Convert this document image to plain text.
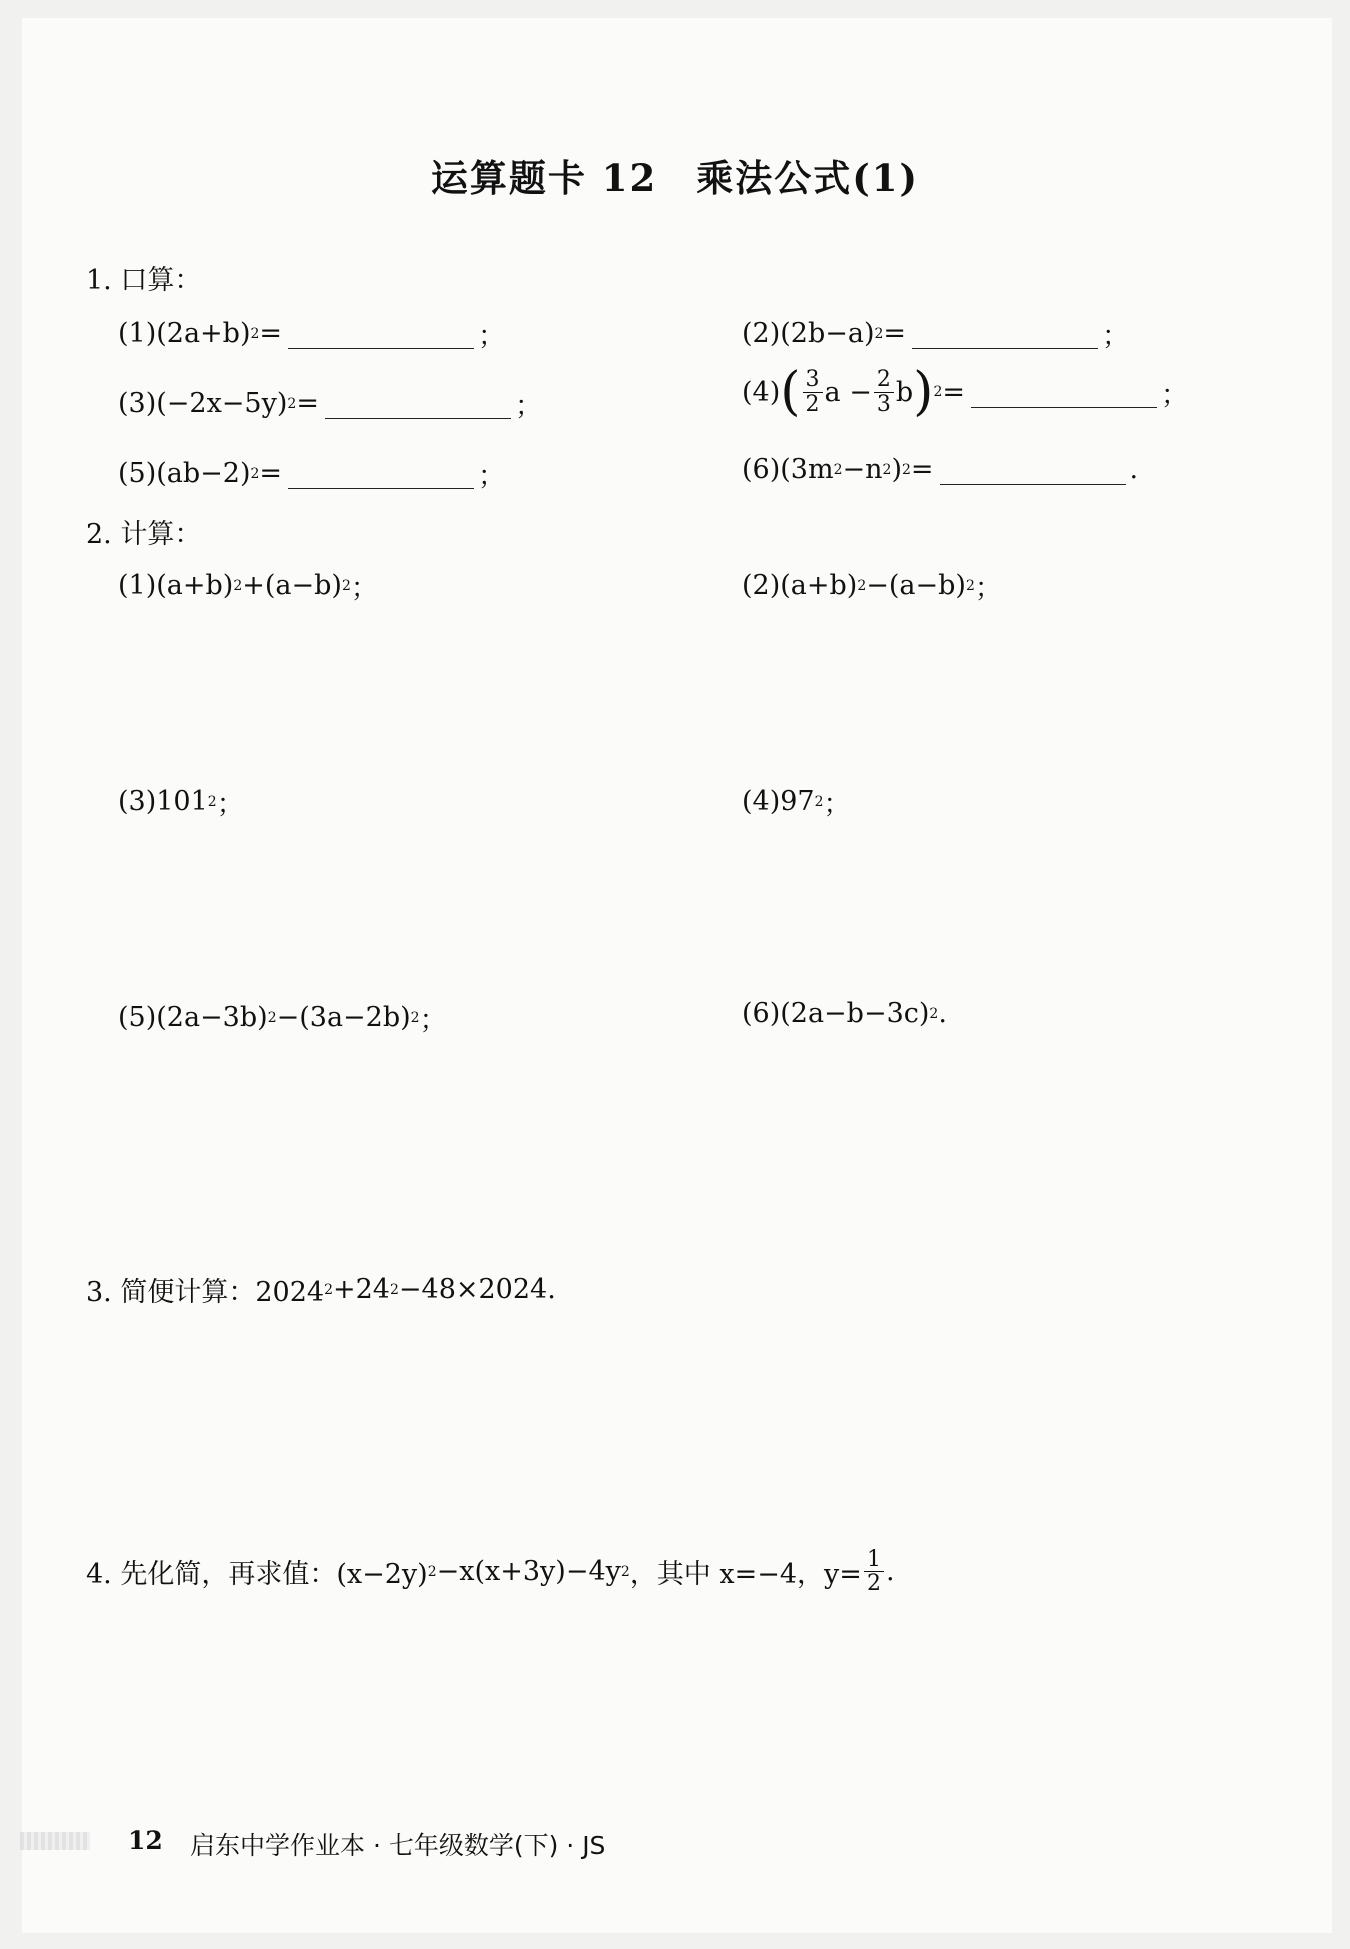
运算题卡 12　乘法公式(1)
1. 口算：
(1) (2a+b) 2 =	；	(2) (2b−a) 2 =	；
(3) (−2x−5y) 2 =	；	(4) ( $\frac{3}{2}$ $a - \frac{2}{3}$ b ) 2 =	；
(5) (ab−2) 2 =	；	(6) (3m 2 −n 2 ) 2 =	.
2. 计算：
(1)(a+b) 2 +(a−b) 2 ；	(2)(a+b) 2 −(a−b) 2 ；
(3)101 2 ；	(4)97 2 ；
(5)(2a−3b) 2 −(3a−2b) 2 ；	(6)(2a−b−3c) 2 .
3. 简便计算：2024 2 +24 2 −48×2024.
4. 先化简，再求值：(x−2y) 2 −x(x+3y)−4y 2 ，其中 x=−4，$y= \frac{1}{2}$ .
12 启东中学作业本 · 七年级数学(下) · JS
